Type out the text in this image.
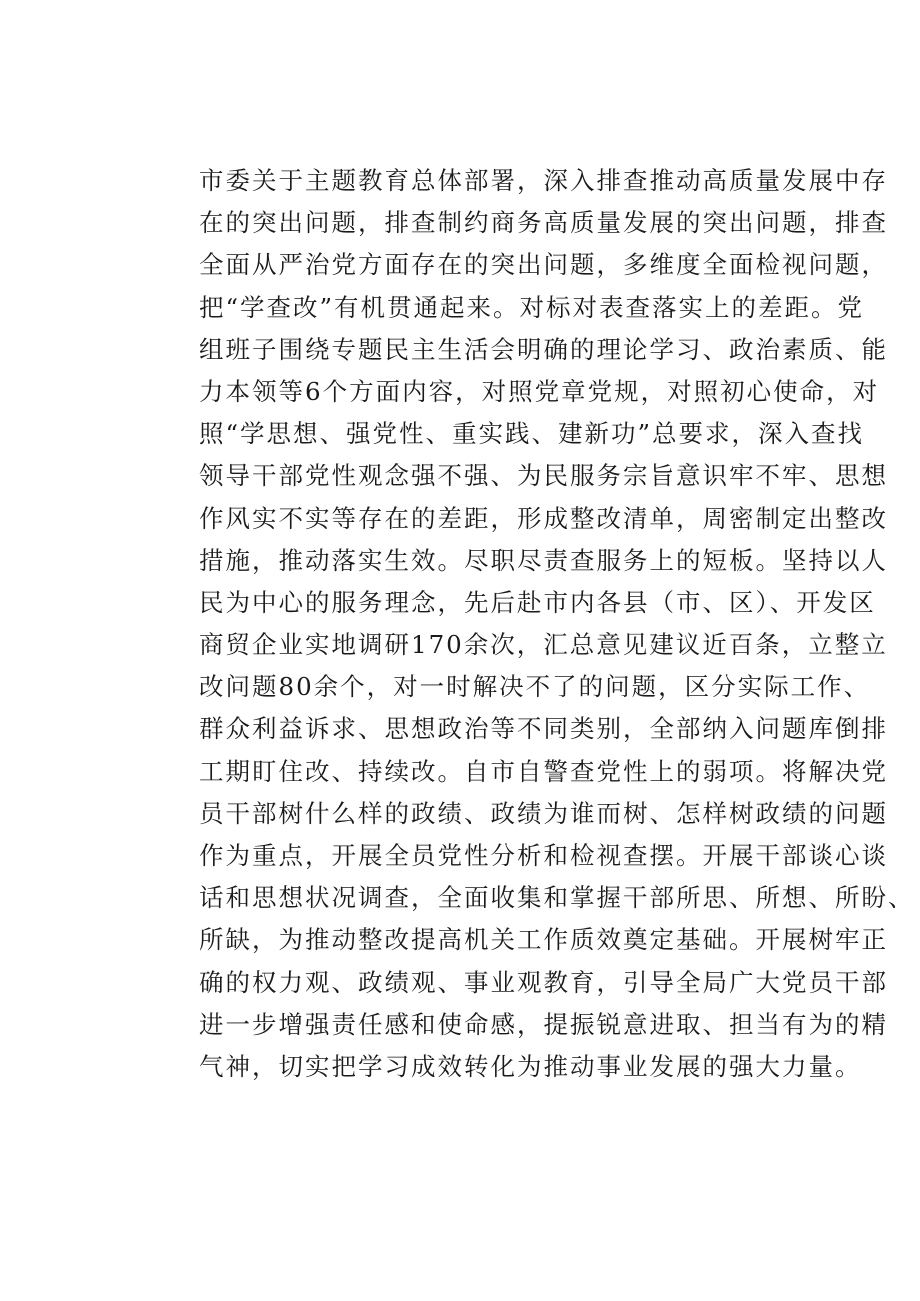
市委关于主题教育总体部署，深入排查推动高质量发展中存
在的突出问题，排查制约商务高质量发展的突出问题，排查
全面从严治党方面存在的突出问题，多维度全面检视问题，
把“学查改”有机贯通起来。对标对表查落实上的差距。党
组班子围绕专题民主生活会明确的理论学习、政治素质、能
力本领等6个方面内容，对照党章党规，对照初心使命，对
照“学思想、强党性、重实践、建新功”总要求，深入查找
领导干部党性观念强不强、为民服务宗旨意识牢不牢、思想
作风实不实等存在的差距，形成整改清单，周密制定出整改
措施，推动落实生效。尽职尽责查服务上的短板。坚持以人
民为中心的服务理念，先后赴市内各县（市、区）、开发区
商贸企业实地调研170余次，汇总意见建议近百条，立整立
改问题80余个，对一时解决不了的问题，区分实际工作、
群众利益诉求、思想政治等不同类别，全部纳入问题库倒排
工期盯住改、持续改。自市自警查党性上的弱项。将解决党
员干部树什么样的政绩、政绩为谁而树、怎样树政绩的问题
作为重点，开展全员党性分析和检视查摆。开展干部谈心谈
话和思想状况调查，全面收集和掌握干部所思、所想、所盼、
所缺，为推动整改提高机关工作质效奠定基础。开展树牢正
确的权力观、政绩观、事业观教育，引导全局广大党员干部
进一步增强责任感和使命感，提振锐意进取、担当有为的精
气神，切实把学习成效转化为推动事业发展的强大力量。
